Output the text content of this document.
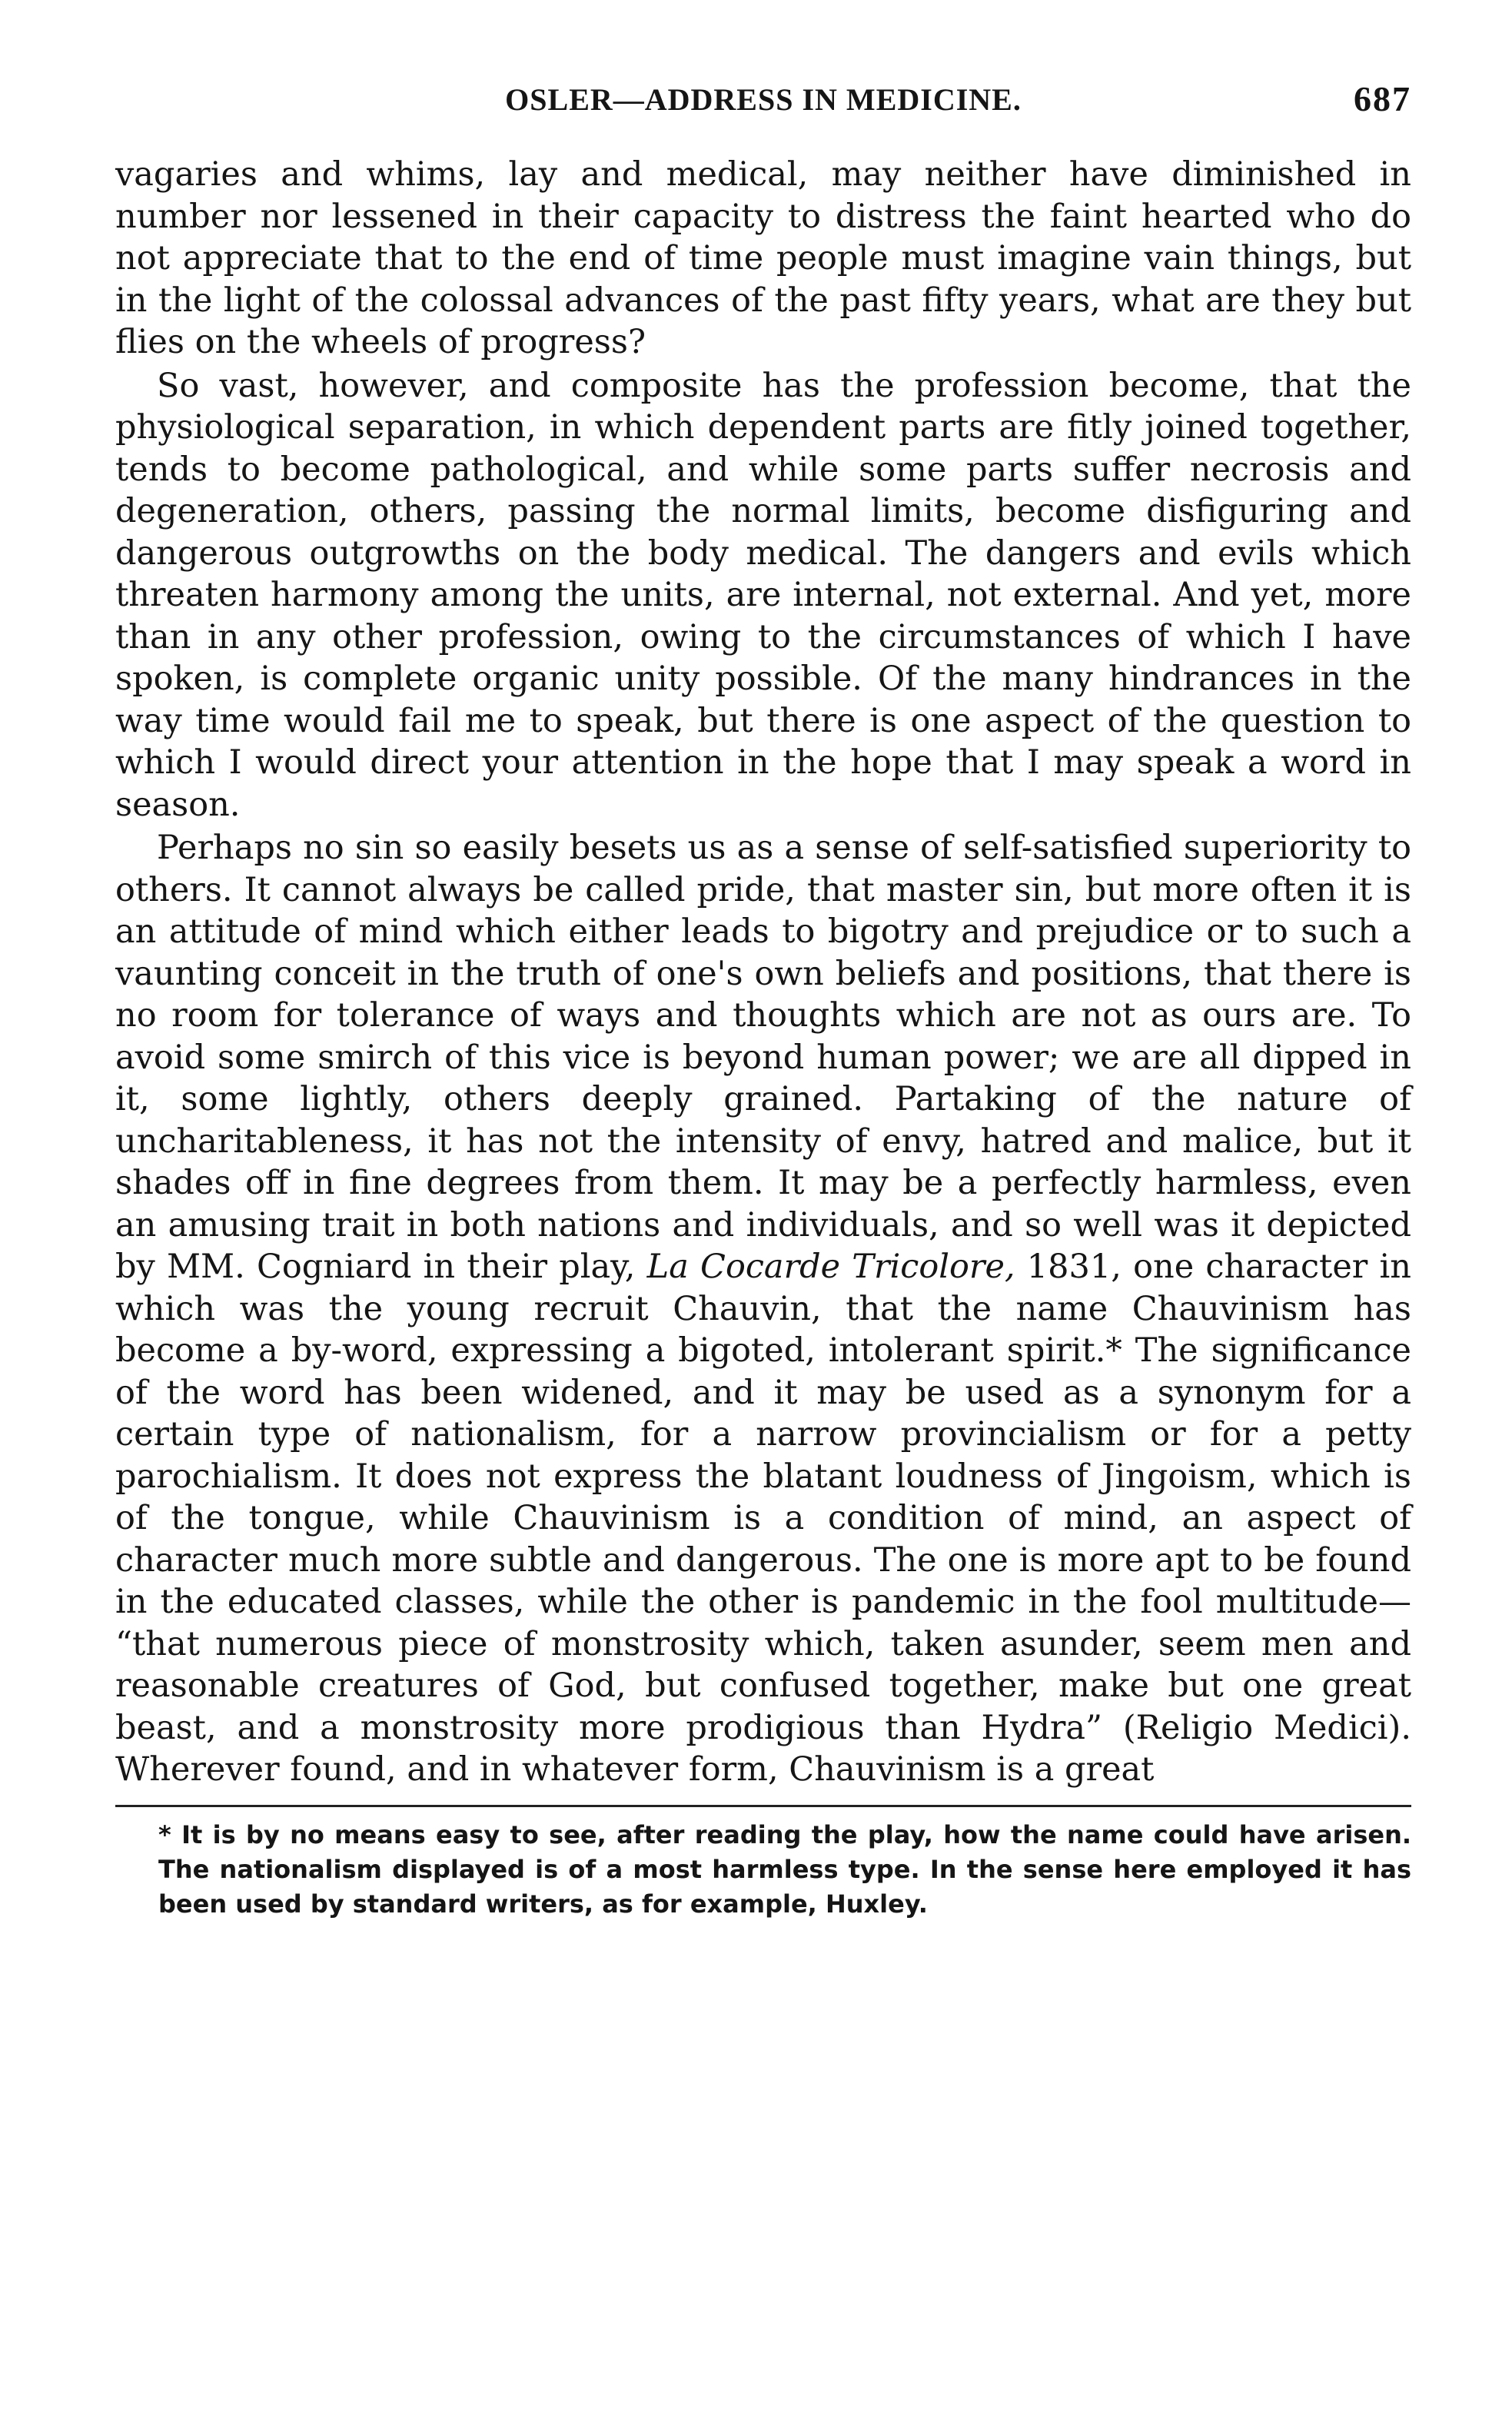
OSLER—ADDRESS IN MEDICINE.	687

vagaries and whims, lay and medical, may neither have diminished in number nor lessened in their capacity to distress the faint hearted who do not appreciate that to the end of time people must imagine vain things, but in the light of the colossal advances of the past fifty years, what are they but flies on the wheels of progress?

So vast, however, and composite has the profession become, that the physiological separation, in which dependent parts are fitly joined together, tends to become pathological, and while some parts suffer necrosis and degeneration, others, passing the normal limits, become disfiguring and dangerous outgrowths on the body medical. The dangers and evils which threaten harmony among the units, are internal, not external. And yet, more than in any other profession, owing to the circumstances of which I have spoken, is complete organic unity possible. Of the many hindrances in the way time would fail me to speak, but there is one aspect of the question to which I would direct your attention in the hope that I may speak a word in season.

Perhaps no sin so easily besets us as a sense of self-satisfied superiority to others. It cannot always be called pride, that master sin, but more often it is an attitude of mind which either leads to bigotry and prejudice or to such a vaunting conceit in the truth of one's own beliefs and positions, that there is no room for tolerance of ways and thoughts which are not as ours are. To avoid some smirch of this vice is beyond human power; we are all dipped in it, some lightly, others deeply grained. Partaking of the nature of uncharitableness, it has not the intensity of envy, hatred and malice, but it shades off in fine degrees from them. It may be a perfectly harmless, even an amusing trait in both nations and individuals, and so well was it depicted by MM. Cogniard in their play, La Cocarde Tricolore, 1831, one character in which was the young recruit Chauvin, that the name Chauvinism has become a by-word, expressing a bigoted, intolerant spirit.* The significance of the word has been widened, and it may be used as a synonym for a certain type of nationalism, for a narrow provincialism or for a petty parochialism. It does not express the blatant loudness of Jingoism, which is of the tongue, while Chauvinism is a condition of mind, an aspect of character much more subtle and dangerous. The one is more apt to be found in the educated classes, while the other is pandemic in the fool multitude— “that numerous piece of monstrosity which, taken asunder, seem men and reasonable creatures of God, but confused together, make but one great beast, and a monstrosity more prodigious than Hydra” (Religio Medici). Wherever found, and in whatever form, Chauvinism is a great

* It is by no means easy to see, after reading the play, how the name could have arisen. The nationalism displayed is of a most harmless type. In the sense here employed it has been used by standard writers, as for example, Huxley.
